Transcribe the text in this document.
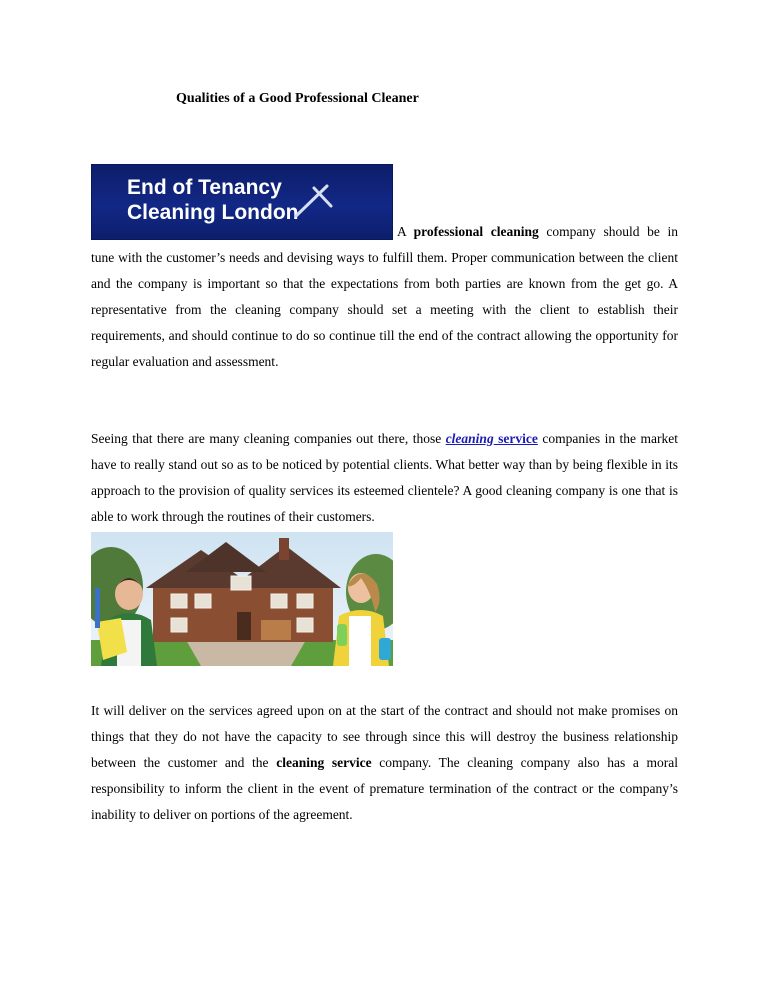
Qualities of a Good Professional Cleaner

End of Tenancy
Cleaning London
A professional cleaning company should be in tune with the customer’s needs and devising ways to fulfill them. Proper communication between the client and the company is important so that the expectations from both parties are known from the get go. A representative from the cleaning company should set a meeting with the client to establish their requirements, and should continue to do so continue till the end of the contract allowing the opportunity for regular evaluation and assessment.

Seeing that there are many cleaning companies out there, those cleaning service companies in the market have to really stand out so as to be noticed by potential clients. What better way than by being flexible in its approach to the provision of quality services its esteemed clientele? A good cleaning company is one that is able to work through the routines of their customers.

It will deliver on the services agreed upon on at the start of the contract and should not make promises on things that they do not have the capacity to see through since this will destroy the business relationship between the customer and the cleaning service company. The cleaning company also has a moral responsibility to inform the client in the event of premature termination of the contract or the company’s inability to deliver on portions of the agreement.
